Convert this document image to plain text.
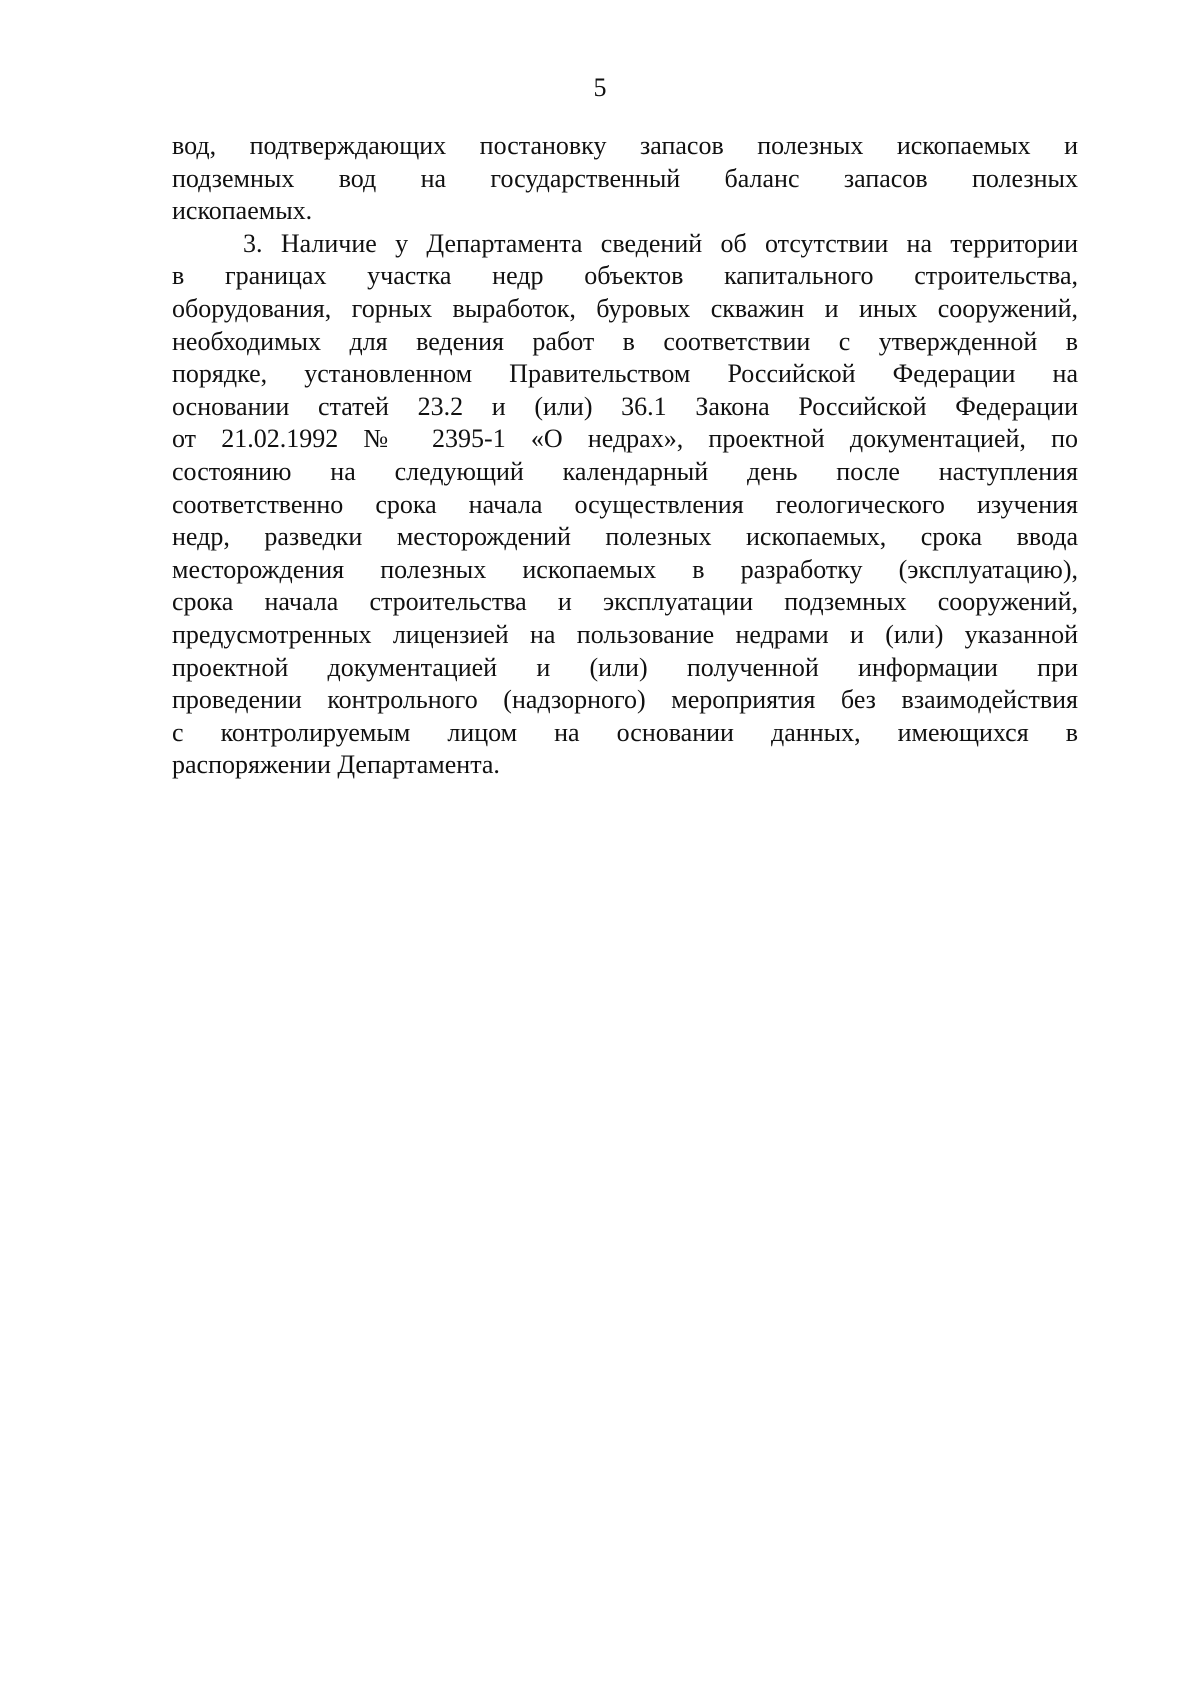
5
вод, подтверждающих постановку запасов полезных ископаемых и
подземных вод на государственный баланс запасов полезных
ископаемых.
3. Наличие у Департамента сведений об отсутствии на территории
в границах участка недр объектов капитального строительства,
оборудования, горных выработок, буровых скважин и иных сооружений,
необходимых для ведения работ в соответствии с утвержденной в
порядке, установленном Правительством Российской Федерации на
основании статей 23.2 и (или) 36.1 Закона Российской Федерации
от 21.02.1992 № 2395-1 «О недрах», проектной документацией, по
состоянию на следующий календарный день после наступления
соответственно срока начала осуществления геологического изучения
недр, разведки месторождений полезных ископаемых, срока ввода
месторождения полезных ископаемых в разработку (эксплуатацию),
срока начала строительства и эксплуатации подземных сооружений,
предусмотренных лицензией на пользование недрами и (или) указанной
проектной документацией и (или) полученной информации при
проведении контрольного (надзорного) мероприятия без взаимодействия
с контролируемым лицом на основании данных, имеющихся в
распоряжении Департамента.
